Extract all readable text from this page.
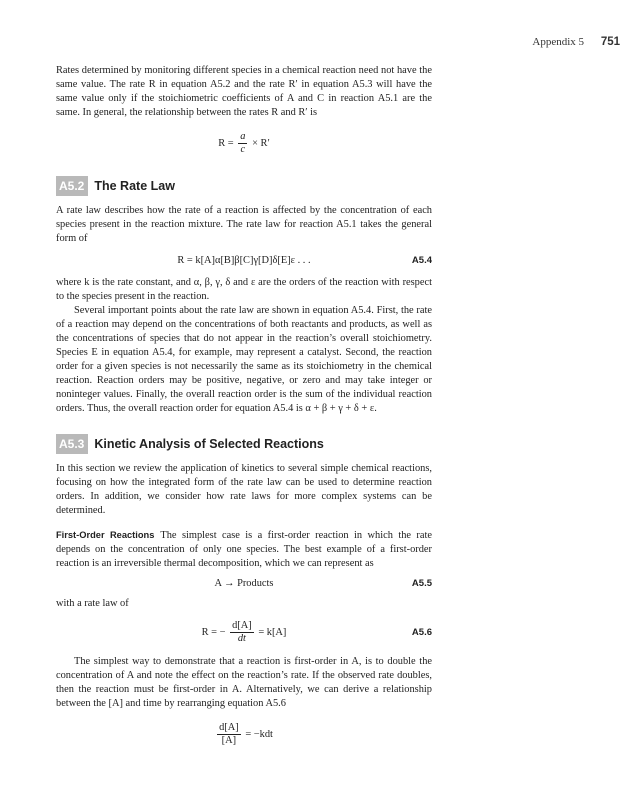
Appendix 5 751

Rates determined by monitoring different species in a chemical reaction need not have the same value. The rate R in equation A5.2 and the rate R′ in equation A5.3 will have the same value only if the stoichiometric coefficients of A and C in reaction A5.1 are the same. In general, the relationship between the rates R and R′ is

$R = \frac{a}{c} \times R'$
A5.2 The Rate Law

A rate law describes how the rate of a reaction is affected by the concentration of each species present in the reaction mixture. The rate law for reaction A5.1 takes the general form of

R = k[A]α[B]β[C]γ[D]δ[E]ε . . .	A5.4

where k is the rate constant, and α, β, γ, δ and ε are the orders of the reaction with respect to the species present in the reaction.

Several important points about the rate law are shown in equation A5.4. First, the rate of a reaction may depend on the concentrations of both reactants and products, as well as the concentrations of species that do not appear in the reaction’s overall stoichiometry. Species E in equation A5.4, for example, may represent a catalyst. Second, the reaction order for a given species is not necessarily the same as its stoichiometry in the chemical reaction. Reaction orders may be positive, negative, or zero and may take integer or noninteger values. Finally, the overall reaction order is the sum of the individual reaction orders. Thus, the overall reaction order for equation A5.4 is α + β + γ + δ + ε.

A5.3 Kinetic Analysis of Selected Reactions

In this section we review the application of kinetics to several simple chemical reactions, focusing on how the integrated form of the rate law can be used to determine reaction orders. In addition, we consider how rate laws for more complex systems can be determined.

First-Order Reactions The simplest case is a first-order reaction in which the rate depends on the concentration of only one species. The best example of a first-order reaction is an irreversible thermal decomposition, which we can represent as

A → Products	A5.5

with a rate law of

R = − $\frac{d[A]}{dt} = k[A]$	A5.6

The simplest way to demonstrate that a reaction is first-order in A, is to double the concentration of A and note the effect on the reaction’s rate. If the observed rate doubles, then the reaction must be first-order in A. Alternatively, we can derive a relationship between the [A] and time by rearranging equation A5.6

$\frac{d[A]}{[A]} = -kdt$
